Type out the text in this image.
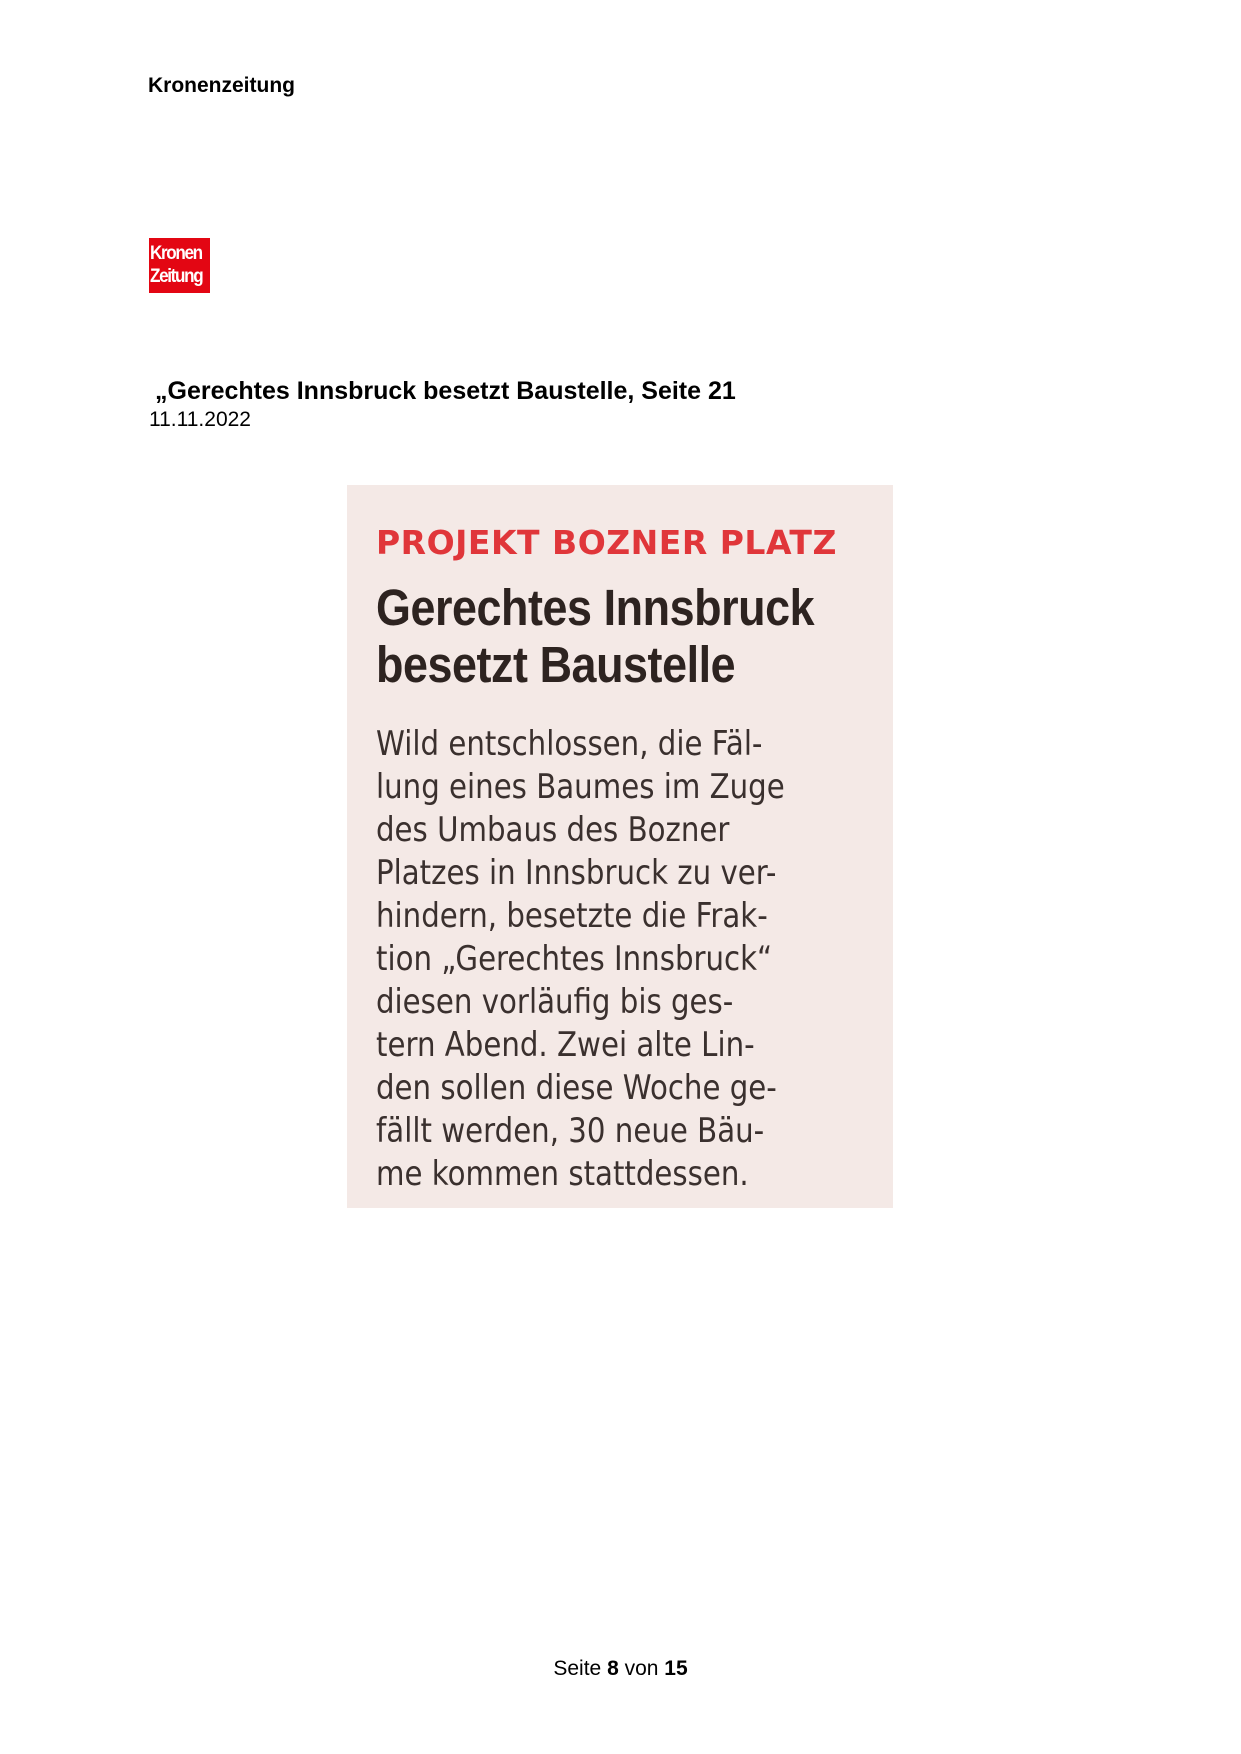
Kronenzeitung
Kronen
Zeitung
„Gerechtes Innsbruck besetzt Baustelle, Seite 21
11.11.2022
PROJEKT BOZNER PLATZ
Gerechtes Innsbruck
besetzt Baustelle
Wild entschlossen, die Fäl-
lung eines Baumes im Zuge
des Umbaus des Bozner
Platzes in Innsbruck zu ver-
hindern, besetzte die Frak-
tion „Gerechtes Innsbruck“
diesen vorläufig bis ges-
tern Abend. Zwei alte Lin-
den sollen diese Woche ge-
fällt werden, 30 neue Bäu-
me kommen stattdessen.
Seite 8 von 15
